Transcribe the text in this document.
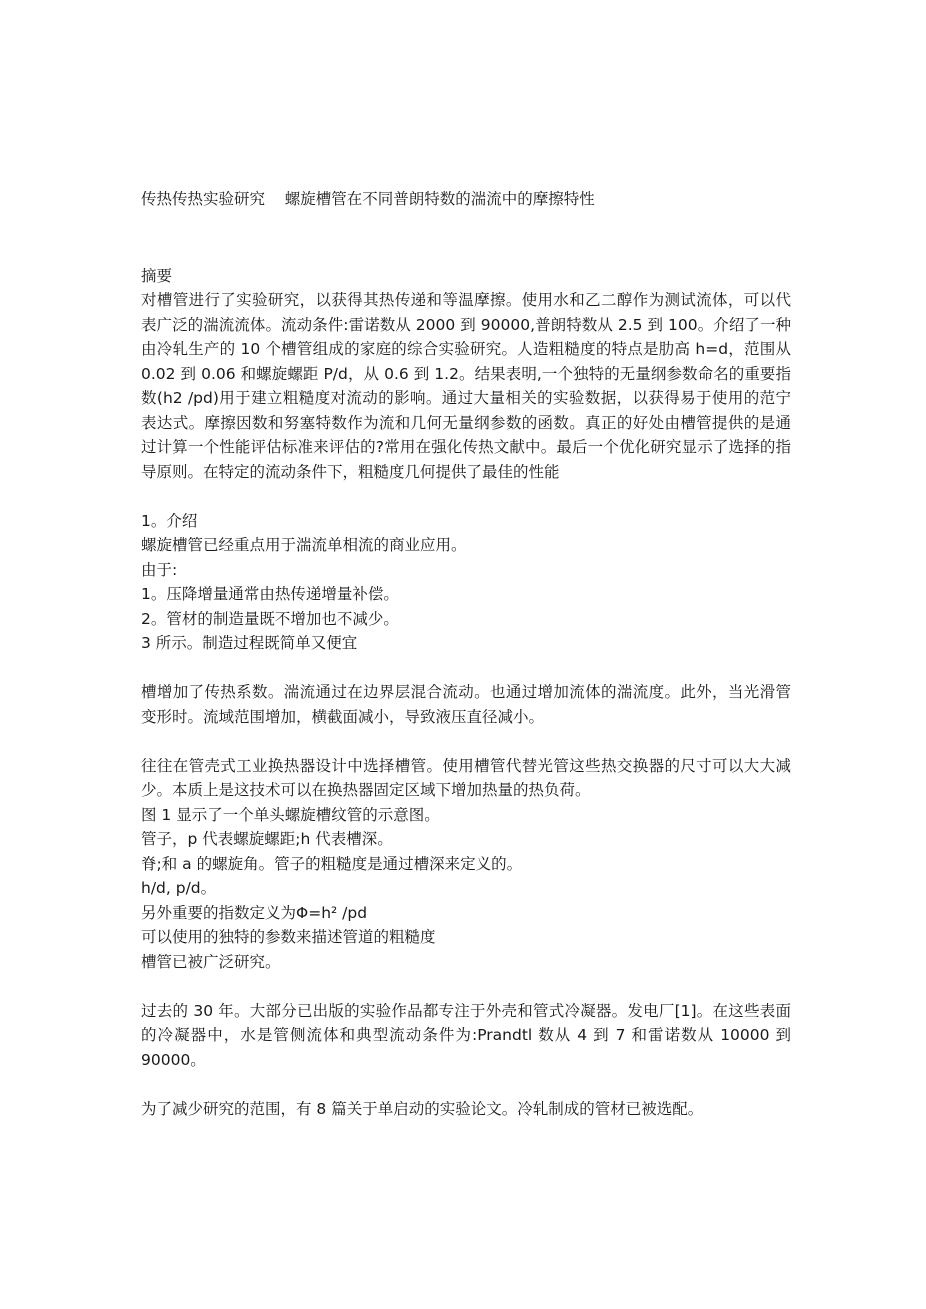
传热传热实验研究    螺旋槽管在不同普朗特数的湍流中的摩擦特性
摘要

对槽管进行了实验研究，以获得其热传递和等温摩擦。使用水和乙二醇作为测试流体，可以代表广泛的湍流流体。流动条件:雷诺数从 2000 到 90000,普朗特数从 2.5 到 100。介绍了一种由冷轧生产的 10 个槽管组成的家庭的综合实验研究。人造粗糙度的特点是肋高 h=d，范围从 0.02 到 0.06 和螺旋螺距 P/d，从 0.6 到 1.2。结果表明,一个独特的无量纲参数命名的重要指数(h2 /pd)用于建立粗糙度对流动的影响。通过大量相关的实验数据，以获得易于使用的范宁表达式。摩擦因数和努塞特数作为流和几何无量纲参数的函数。真正的好处由槽管提供的是通过计算一个性能评估标准来评估的?常用在强化传热文献中。最后一个优化研究显示了选择的指导原则。在特定的流动条件下，粗糙度几何提供了最佳的性能

1。介绍
螺旋槽管已经重点用于湍流单相流的商业应用。
由于:
1。压降增量通常由热传递增量补偿。
2。管材的制造量既不增加也不减少。
3 所示。制造过程既简单又便宜

槽增加了传热系数。湍流通过在边界层混合流动。也通过增加流体的湍流度。此外，当光滑管变形时。流域范围增加，横截面减小，导致液压直径减小。

往往在管壳式工业换热器设计中选择槽管。使用槽管代替光管这些热交换器的尺寸可以大大减少。本质上是这技术可以在换热器固定区域下增加热量的热负荷。

图 1 显示了一个单头螺旋槽纹管的示意图。
管子，p 代表螺旋螺距;h 代表槽深。
脊;和 a 的螺旋角。管子的粗糙度是通过槽深来定义的。
h/d, p/d。
另外重要的指数定义为Φ=h² /pd
可以使用的独特的参数来描述管道的粗糙度
槽管已被广泛研究。

过去的 30 年。大部分已出版的实验作品都专注于外壳和管式冷凝器。发电厂[1]。在这些表面的冷凝器中，水是管侧流体和典型流动条件为:Prandtl 数从 4 到 7 和雷诺数从 10000 到 90000。

为了减少研究的范围，有 8 篇关于单启动的实验论文。冷轧制成的管材已被选配。
